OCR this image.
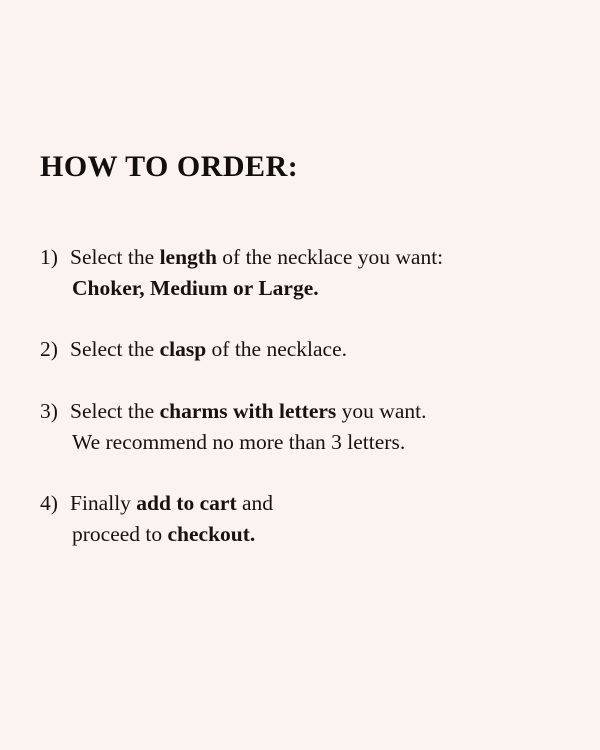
HOW TO ORDER:
1) Select the length of the necklace you want:
Choker, Medium or Large.
2) Select the clasp of the necklace.
3) Select the charms with letters you want.
We recommend no more than 3 letters.
4) Finally add to cart and
proceed to checkout.
